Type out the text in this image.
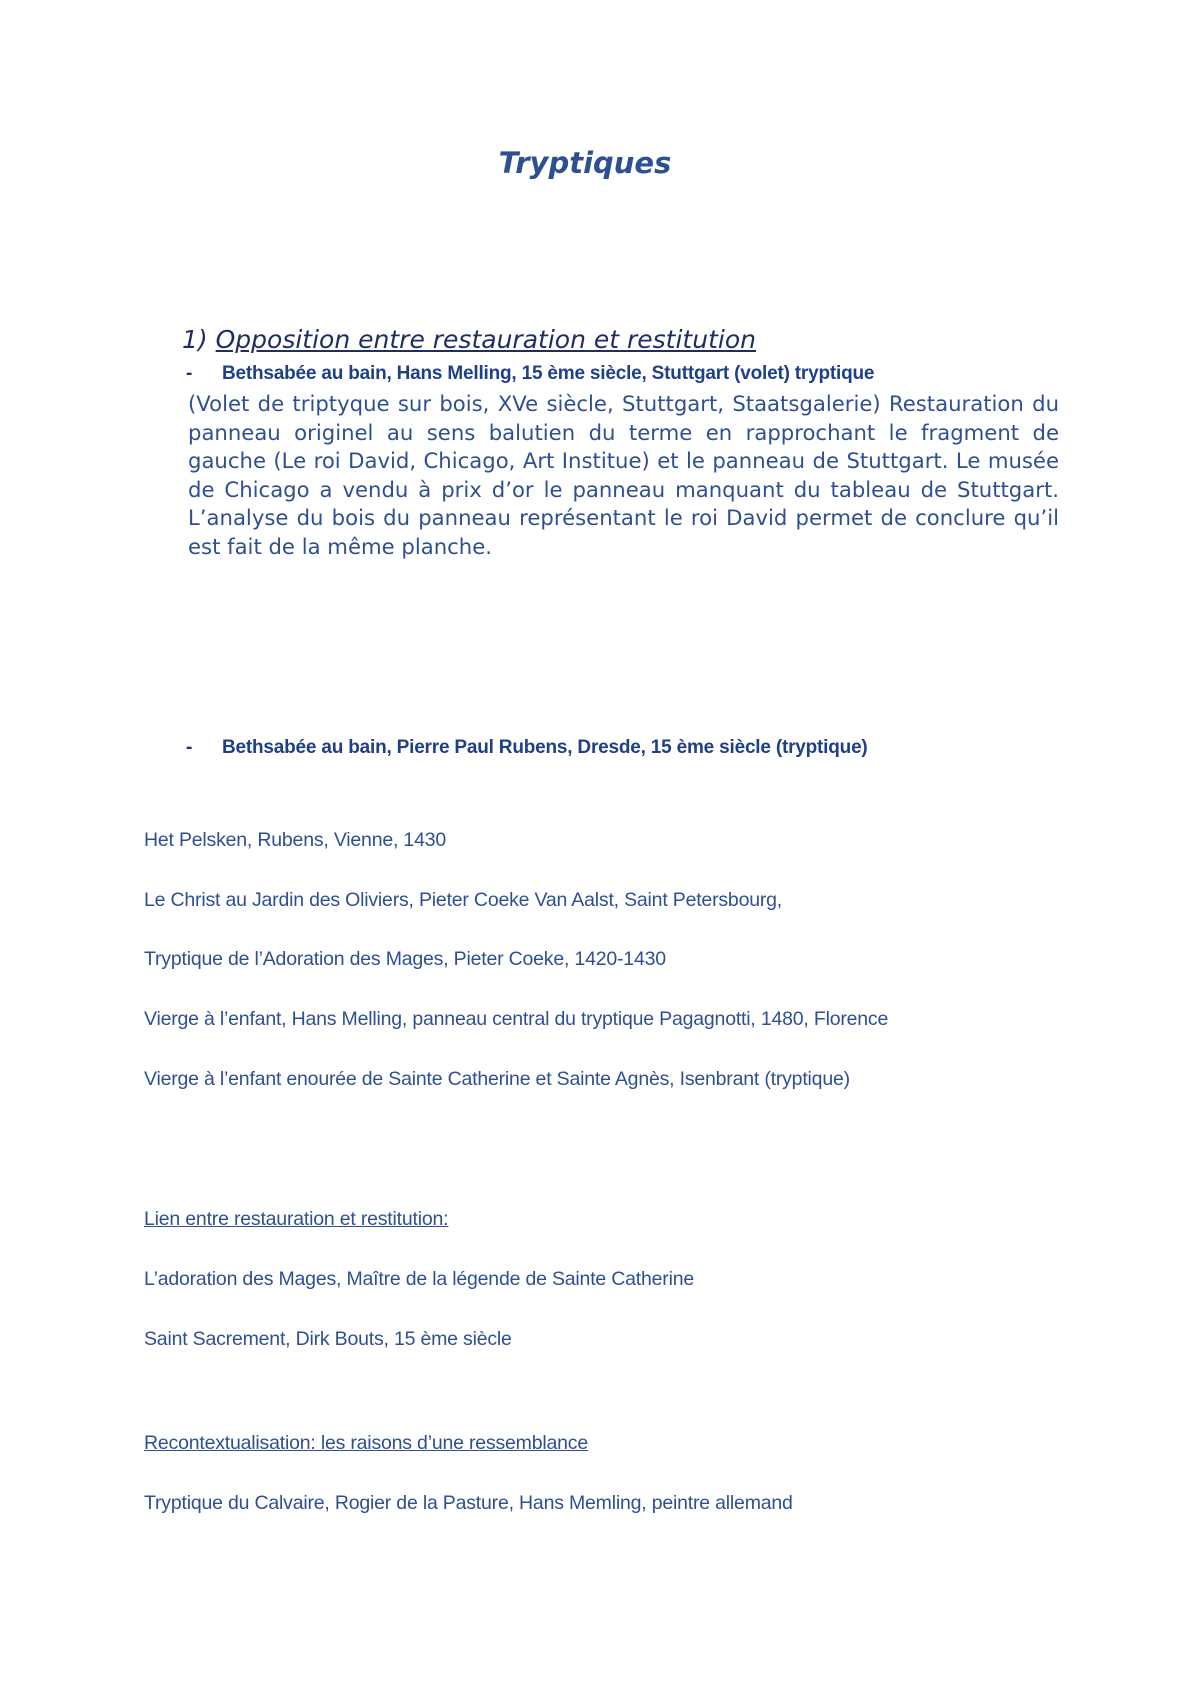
Tryptiques
1) Opposition entre restauration et restitution
- Bethsabée au bain, Hans Melling, 15 ème siècle, Stuttgart (volet) tryptique

(Volet de triptyque sur bois, XVe siècle, Stuttgart, Staatsgalerie) Restauration du panneau originel au sens balutien du terme en rapprochant le fragment de gauche (Le roi David, Chicago, Art Institue) et le panneau de Stuttgart. Le musée de Chicago a vendu à prix d’or le panneau manquant du tableau de Stuttgart. L’analyse du bois du panneau représentant le roi David permet de conclure qu’il est fait de la même planche.

- Bethsabée au bain, Pierre Paul Rubens, Dresde, 15 ème siècle (tryptique)

Het Pelsken, Rubens, Vienne, 1430

Le Christ au Jardin des Oliviers, Pieter Coeke Van Aalst, Saint Petersbourg,

Tryptique de l’Adoration des Mages, Pieter Coeke, 1420-1430

Vierge à l’enfant, Hans Melling, panneau central du tryptique Pagagnotti, 1480, Florence

Vierge à l’enfant enourée de Sainte Catherine et Sainte Agnès, Isenbrant (tryptique)

Lien entre restauration et restitution:

L’adoration des Mages, Maître de la légende de Sainte Catherine

Saint Sacrement, Dirk Bouts, 15 ème siècle

Recontextualisation: les raisons d’une ressemblance

Tryptique du Calvaire, Rogier de la Pasture, Hans Memling, peintre allemand
